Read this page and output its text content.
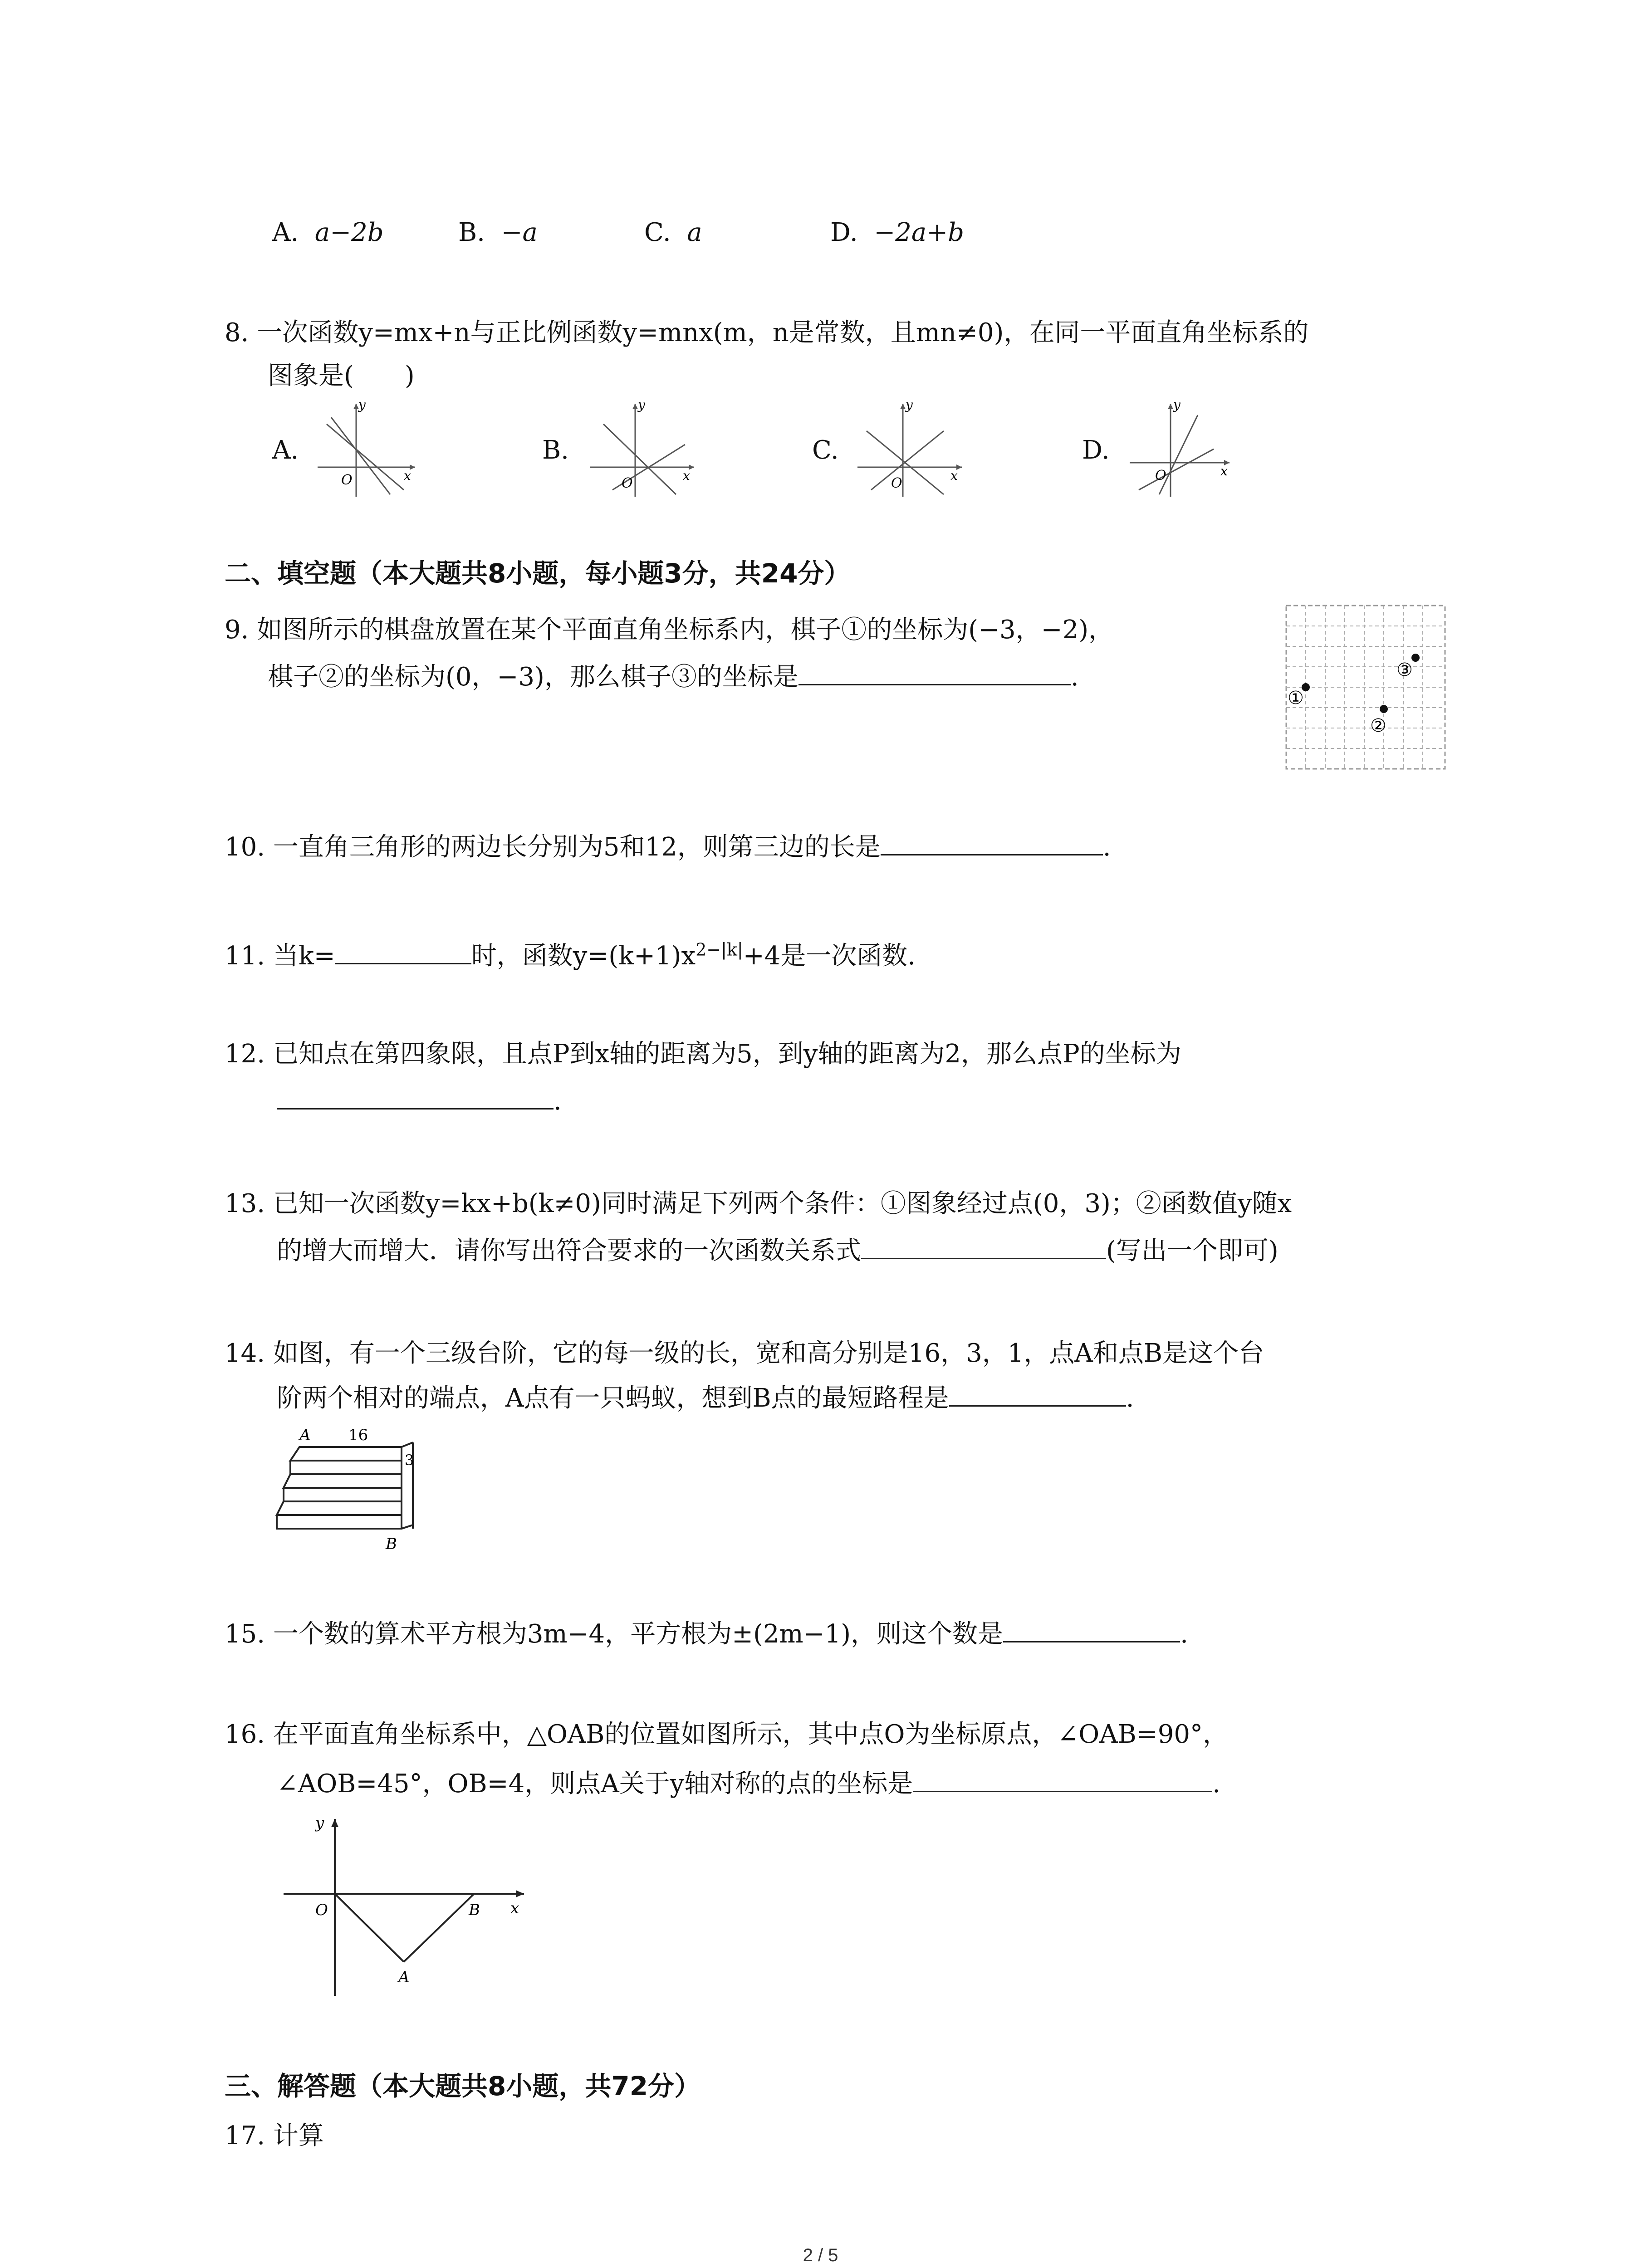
A. a−2b	B. −a	C. a	D. −2a+b
8. 一次函数y=mx+n与正比例函数y=mnx(m，n是常数，且mn≠0)，在同一平面直角坐标系的
图象是(　　)
A.
y
x
O
B.
y
x
O
C.
y
x
O
D.
y
x
O
二、填空题（本大题共8小题，每小题3分，共24分）
9. 如图所示的棋盘放置在某个平面直角坐标系内，棋子①的坐标为(−3，−2)，
棋子②的坐标为(0，−3)，那么棋子③的坐标是	.
①
②
③
10. 一直角三角形的两边长分别为5和12，则第三边的长是	.
11. 当k=	时，函数$y=(k+1)x^{2-|k|}+4$是一次函数.
12. 已知点在第四象限，且点P到x轴的距离为5，到y轴的距离为2，那么点P的坐标为
.
13. 已知一次函数y=kx+b(k≠0)同时满足下列两个条件：①图象经过点(0，3)；②函数值y随x
的增大而增大．请你写出符合要求的一次函数关系式	(写出一个即可)
14. 如图，有一个三级台阶，它的每一级的长，宽和高分别是16，3，1，点A和点B是这个台
阶两个相对的端点，A点有一只蚂蚁，想到B点的最短路程是	.
A 16
3
B
15. 一个数的算术平方根为3m−4，平方根为±(2m−1)，则这个数是	.
16. 在平面直角坐标系中，△OAB的位置如图所示，其中点O为坐标原点，∠OAB=90°，
∠AOB=45°，OB=4，则点A关于y轴对称的点的坐标是	.
y
x
O	B
A
三、解答题（本大题共8小题，共72分）
17. 计算
2 / 5
